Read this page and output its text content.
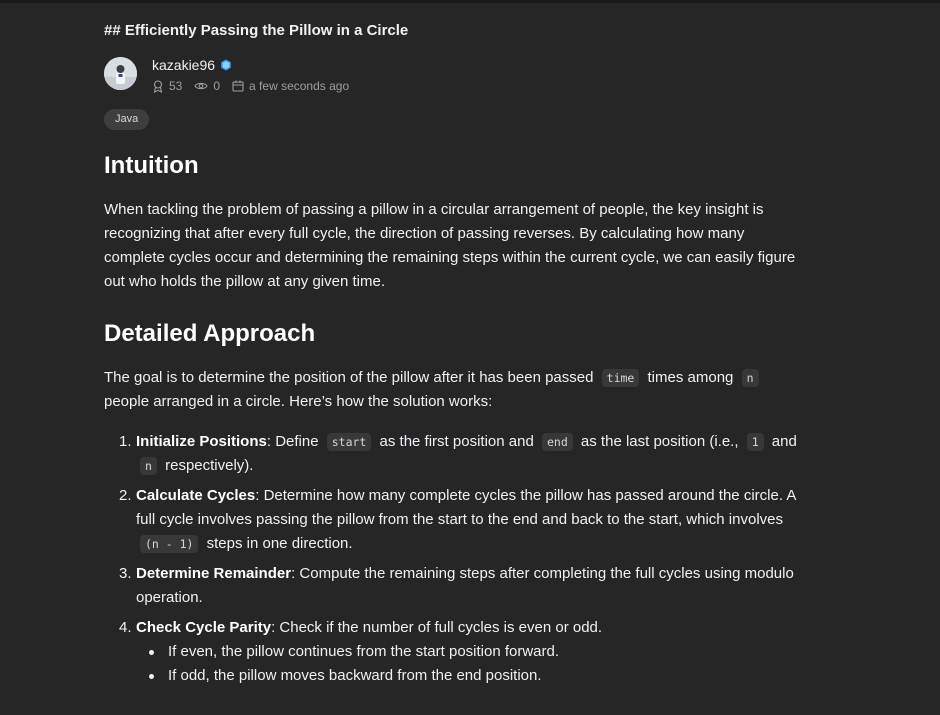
## Efficiently Passing the Pillow in a Circle
kazakie96
53	0 a few seconds ago
Java
Intuition

When tackling the problem of passing a pillow in a circular arrangement of people, the key insight is recognizing that after every full cycle, the direction of passing reverses. By calculating how many complete cycles occur and determining the remaining steps within the current cycle, we can easily figure out who holds the pillow at any given time.

Detailed Approach

The goal is to determine the position of the pillow after it has been passed time times among n people arranged in a circle. Here’s how the solution works:

1. Initialize Positions: Define start as the first position and end as the last position (i.e., 1 and n respectively).
2. Calculate Cycles: Determine how many complete cycles the pillow has passed around the circle. A full cycle involves passing the pillow from the start to the end and back to the start, which involves (n - 1) steps in one direction.
3. Determine Remainder: Compute the remaining steps after completing the full cycles using modulo operation.
4. Check Cycle Parity: Check if the number of full cycles is even or odd.
If even, the pillow continues from the start position forward.
If odd, the pillow moves backward from the end position.
